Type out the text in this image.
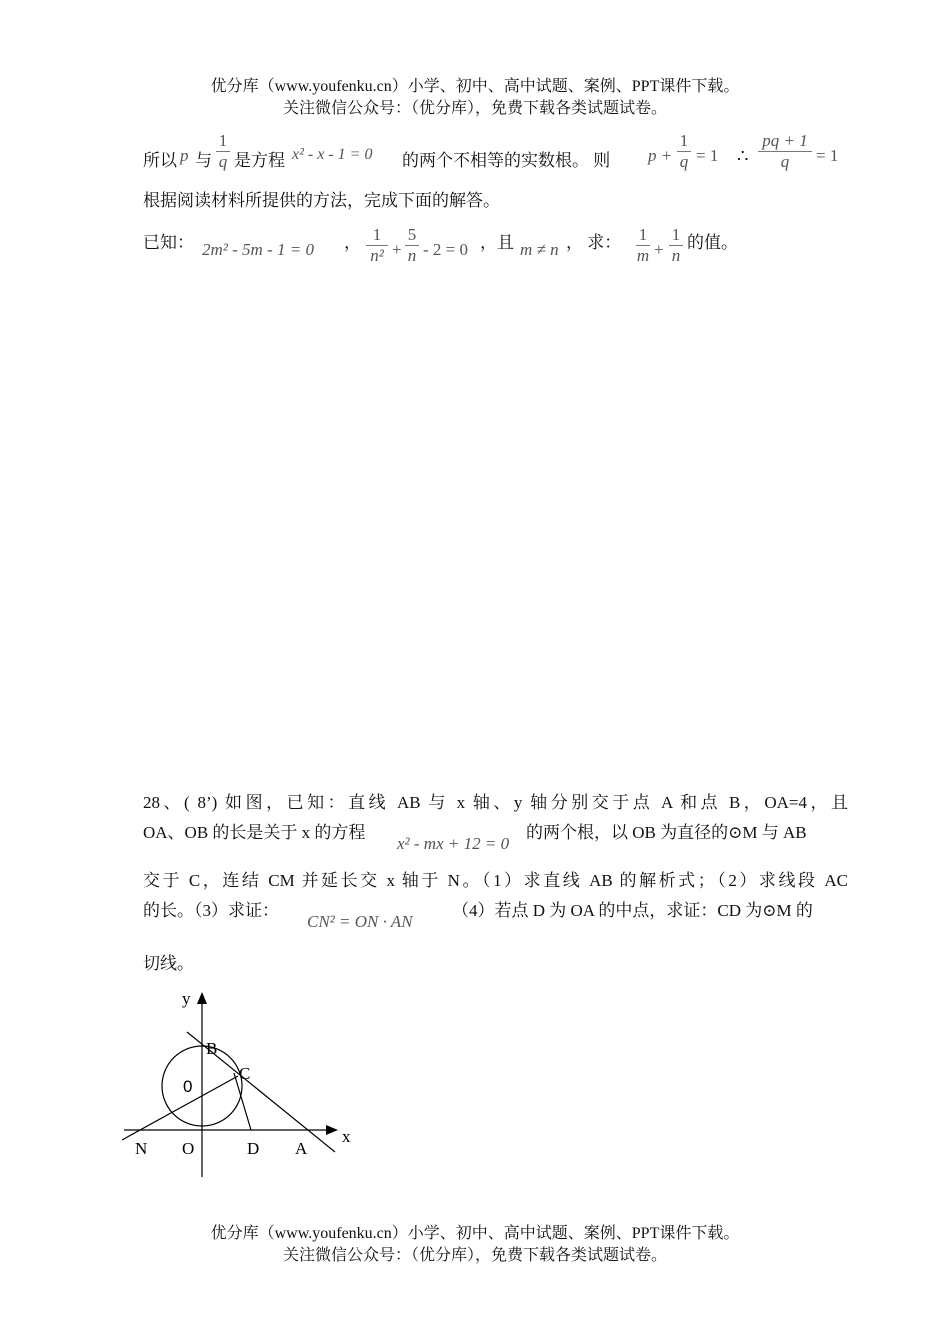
优分库（www.youfenku.cn）小学、初中、高中试题、案例、PPT课件下载。
关注微信公众号：（优分库），免费下载各类试题试卷。
所以 p 与
1
q 是方程 x² - x - 1 = 0 的两个不相等的实数根。 则 p +
1
q = 1 ∴
pq + 1
q	= 1
根据阅读材料所提供的方法，完成下面的解答。
已知： 2m² - 5m - 1 = 0 ， 1
n² +
5
n - 2 = 0 ，且 m ≠ n ， 求： 1
m +
1
n
的值。
28、( 8’) 如图，已知：直线 AB 与 x 轴、y 轴分别交于点 A 和点 B，OA=4，且
OA、OB 的长是关于 x 的方程
x² - mx + 12 = 0
的两个根，以 OB 为直径的⊙M 与 AB
交于 C，连结 CM 并延长交 x 轴于 N。（1）求直线 AB 的解析式；（2）求线段 AC
的长。（3）求证：
CN² = ON · AN
（4）若点 D 为 OA 的中点，求证：CD 为⊙M 的
切线。
y
x
B
C
0
N O	D A
优分库（www.youfenku.cn）小学、初中、高中试题、案例、PPT课件下载。
关注微信公众号：（优分库），免费下载各类试题试卷。
